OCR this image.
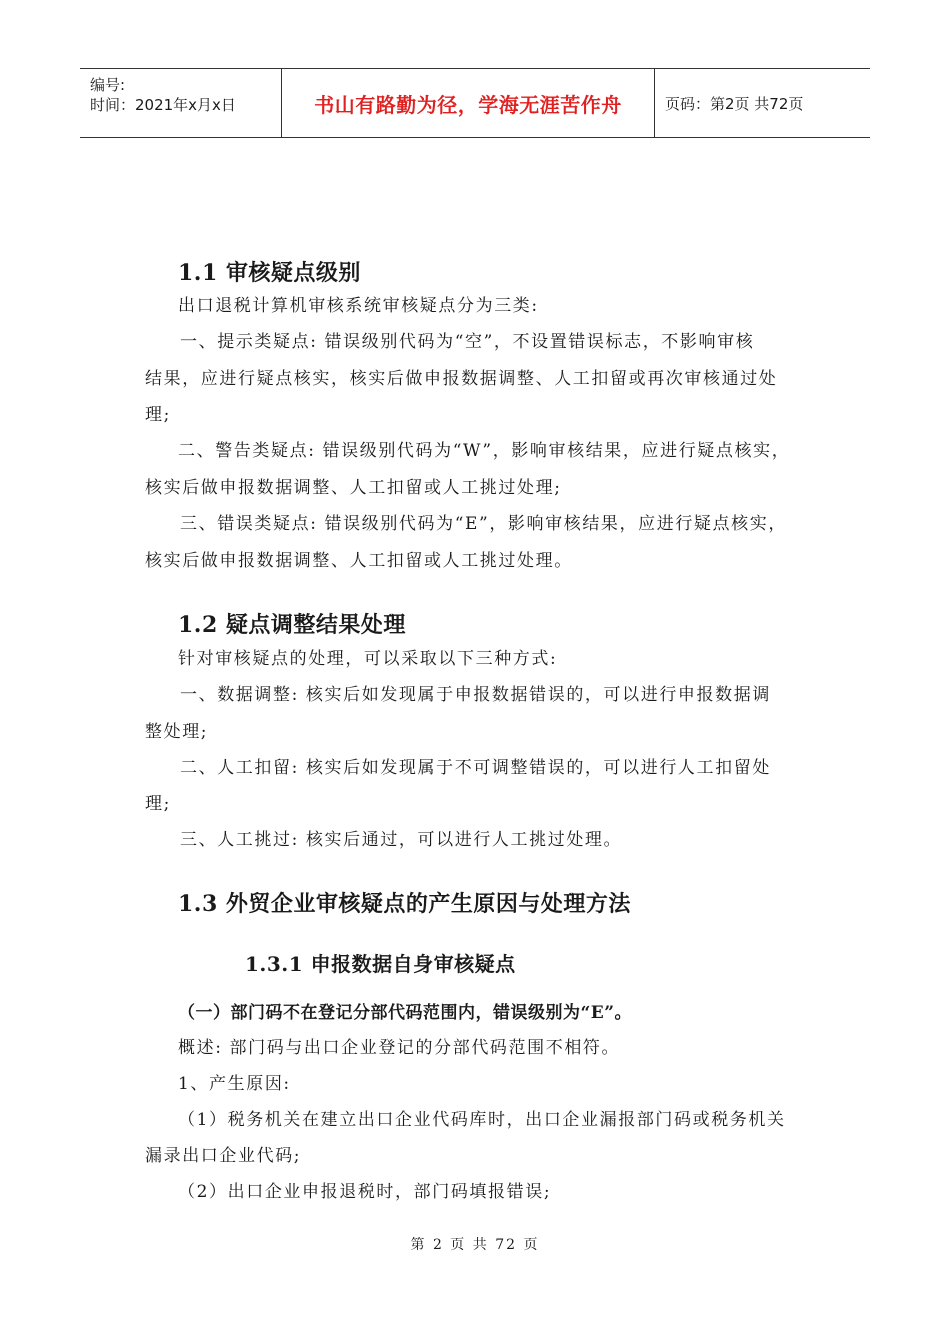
编号:
时间：2021年x月x日	书山有路勤为径，学海无涯苦作舟	页码：第2页 共72页
1.1 审核疑点级别
出口退税计算机审核系统审核疑点分为三类:
一、提示类疑点: 错误级别代码为“空”，不设置错误标志，不影响审核
结果，应进行疑点核实，核实后做申报数据调整、人工扣留或再次审核通过处
理;
二、警告类疑点: 错误级别代码为“W”，影响审核结果，应进行疑点核实，
核实后做申报数据调整、人工扣留或人工挑过处理;
三、错误类疑点: 错误级别代码为“E”，影响审核结果，应进行疑点核实，
核实后做申报数据调整、人工扣留或人工挑过处理。
1.2 疑点调整结果处理
针对审核疑点的处理，可以采取以下三种方式:
一、数据调整: 核实后如发现属于申报数据错误的，可以进行申报数据调
整处理;
二、人工扣留: 核实后如发现属于不可调整错误的，可以进行人工扣留处
理;
三、人工挑过: 核实后通过，可以进行人工挑过处理。
1.3 外贸企业审核疑点的产生原因与处理方法
1.3.1 申报数据自身审核疑点
（一）部门码不在登记分部代码范围内，错误级别为“E”。
概述: 部门码与出口企业登记的分部代码范围不相符。
1、产生原因:
（1）税务机关在建立出口企业代码库时，出口企业漏报部门码或税务机关
漏录出口企业代码;
（2）出口企业申报退税时，部门码填报错误;
第 2 页 共 72 页
